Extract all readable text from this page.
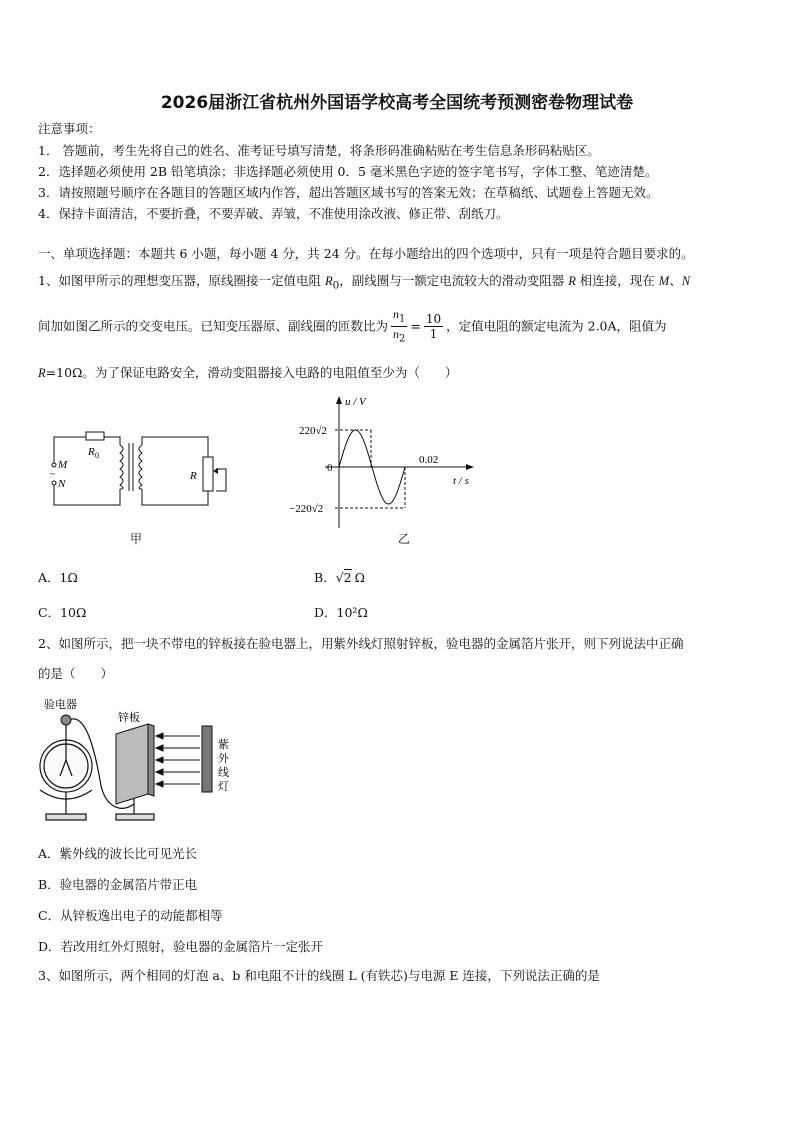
2026届浙江省杭州外国语学校高考全国统考预测密卷物理试卷
注意事项：
1． 答题前，考生先将自己的姓名、准考证号填写清楚，将条形码准确粘贴在考生信息条形码粘贴区。
2．选择题必须使用 2B 铅笔填涂；非选择题必须使用 0．5 毫米黑色字迹的签字笔书写，字体工整、笔迹清楚。
3．请按照题号顺序在各题目的答题区域内作答，超出答题区域书写的答案无效；在草稿纸、试题卷上答题无效。
4．保持卡面清洁，不要折叠，不要弄破、弄皱，不准使用涂改液、修正带、刮纸刀。
一、单项选择题：本题共 6 小题，每小题 4 分，共 24 分。在每小题给出的四个选项中，只有一项是符合题目要求的。
1、如图甲所示的理想变压器，原线圈接一定值电阻 $R_0$，副线圈与一额定电流较大的滑动变阻器 R 相连接，现在 M、N
间加如图乙所示的交变电压。已知变压器原、副线圈的匝数比为 $\frac{n_1}{n_2} = \frac{10}{1}$ ，定值电阻的额定电流为 2.0A，阻值为
R=10Ω。为了保证电路安全，滑动变阻器接入电路的电阻值至少为（　　）
R 0
M
~
N
R
甲
u / V
t / s
220√2
0
−220√2
0.02
乙
A．1Ω	B．√2 Ω
C．10Ω	D．10²Ω
2、如图所示，把一块不带电的锌板接在验电器上，用紫外线灯照射锌板，验电器的金属箔片张开，则下列说法中正确
的是（　　）
验电器
锌板
紫
外
线
灯
A．紫外线的波长比可见光长
B．验电器的金属箔片带正电
C．从锌板逸出电子的动能都相等
D．若改用红外灯照射，验电器的金属箔片一定张开
3、如图所示，两个相同的灯泡 a、b 和电阻不计的线圈 L (有铁芯)与电源 E 连接，下列说法正确的是
